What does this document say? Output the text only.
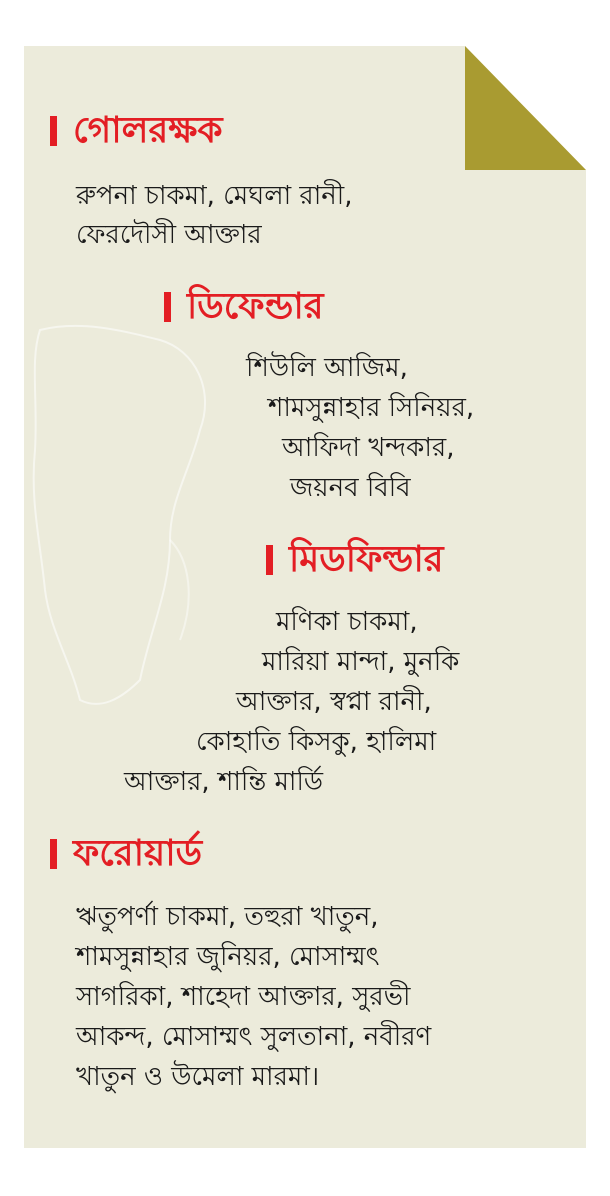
গোলরক্ষক
রুপনা চাকমা, মেঘলা রানী,
ফেরদৌসী আক্তার
ডিফেন্ডার
শিউলি আজিম,
শামসুন্নাহার সিনিয়র,
আফিদা খন্দকার,
জয়নব বিবি
মিডফিল্ডার
মণিকা চাকমা,
মারিয়া মান্দা, মুনকি
আক্তার, স্বপ্না রানী,
কোহাতি কিসকু, হালিমা
আক্তার, শান্তি মার্ডি
ফরোয়ার্ড
ঋতুপর্ণা চাকমা, তহুরা খাতুন,
শামসুন্নাহার জুনিয়র, মোসাম্মৎ
সাগরিকা, শাহেদা আক্তার, সুরভী
আকন্দ, মোসাম্মৎ সুলতানা, নবীরণ
খাতুন ও উমেলা মারমা।
